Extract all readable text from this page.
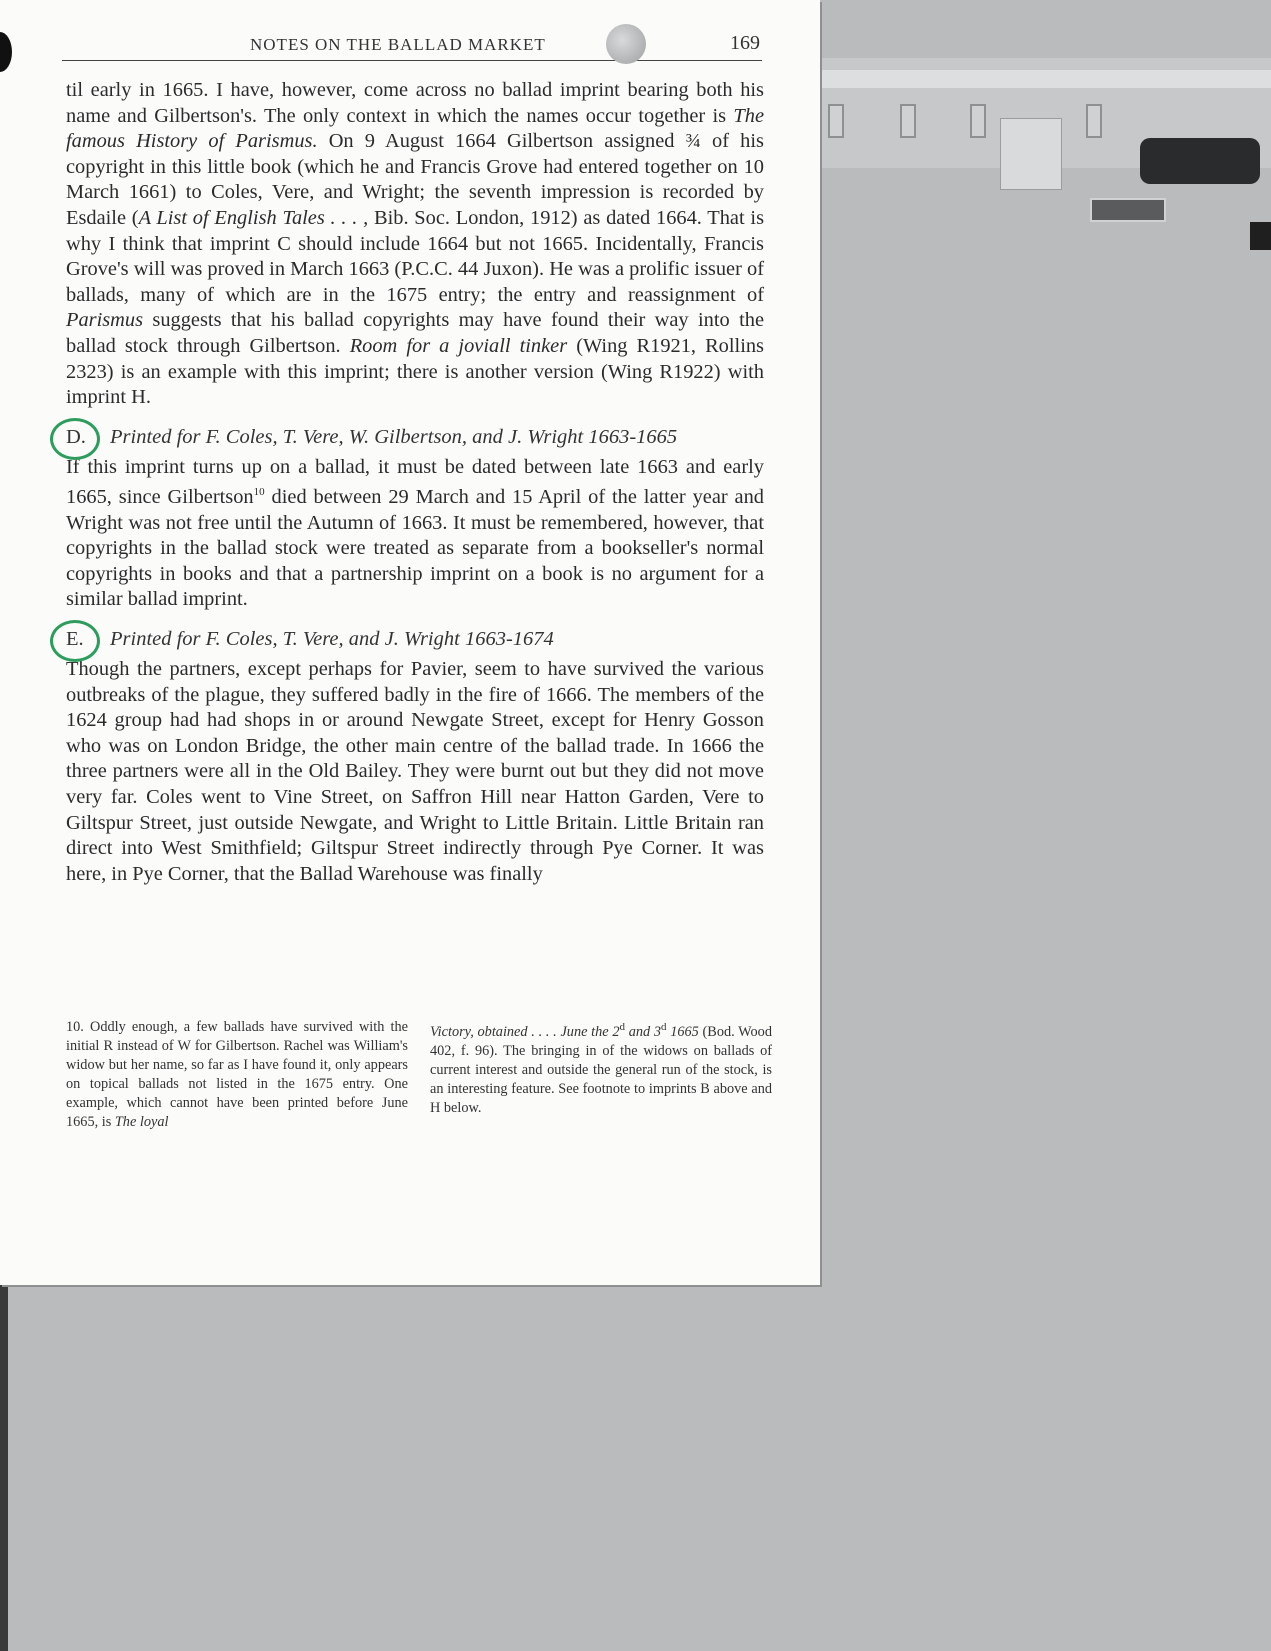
NOTES ON THE BALLAD MARKET	169

til early in 1665. I have, however, come across no ballad imprint bearing both his name and Gilbertson's. The only context in which the names occur together is The famous History of Parismus. On 9 August 1664 Gilbertson assigned ¾ of his copyright in this little book (which he and Francis Grove had entered together on 10 March 1661) to Coles, Vere, and Wright; the seventh impression is recorded by Esdaile (A List of English Tales . . . , Bib. Soc. London, 1912) as dated 1664. That is why I think that imprint C should include 1664 but not 1665. Incidentally, Francis Grove's will was proved in March 1663 (P.C.C. 44 Juxon). He was a prolific issuer of ballads, many of which are in the 1675 entry; the entry and reassignment of Parismus suggests that his ballad copyrights may have found their way into the ballad stock through Gilbertson. Room for a joviall tinker (Wing R1921, Rollins 2323) is an example with this imprint; there is another version (Wing R1922) with imprint H.

D. Printed for F. Coles, T. Vere, W. Gilbertson, and J. Wright 1663-1665

If this imprint turns up on a ballad, it must be dated between late 1663 and early 1665, since Gilbertson$^{10}$ died between 29 March and 15 April of the latter year and Wright was not free until the Autumn of 1663. It must be remembered, however, that copyrights in the ballad stock were treated as separate from a bookseller's normal copyrights in books and that a partnership imprint on a book is no argument for a similar ballad imprint.

E. Printed for F. Coles, T. Vere, and J. Wright 1663-1674

Though the partners, except perhaps for Pavier, seem to have survived the various outbreaks of the plague, they suffered badly in the fire of 1666. The members of the 1624 group had had shops in or around Newgate Street, except for Henry Gosson who was on London Bridge, the other main centre of the ballad trade. In 1666 the three partners were all in the Old Bailey. They were burnt out but they did not move very far. Coles went to Vine Street, on Saffron Hill near Hatton Garden, Vere to Giltspur Street, just outside Newgate, and Wright to Little Britain. Little Britain ran direct into West Smithfield; Giltspur Street indirectly through Pye Corner. It was here, in Pye Corner, that the Ballad Warehouse was finally

10. Oddly enough, a few ballads have survived with the initial R instead of W for Gilbertson. Rachel was William's widow but her name, so far as I have found it, only appears on topical ballads not listed in the 1675 entry. One example, which cannot have been printed before June 1665, is The loyal

Victory, obtained . . . . June the 2$^d$ and 3$^d$ 1665 (Bod. Wood 402, f. 96). The bringing in of the widows on ballads of current interest and outside the general run of the stock, is an interesting feature. See footnote to imprints B above and H below.
